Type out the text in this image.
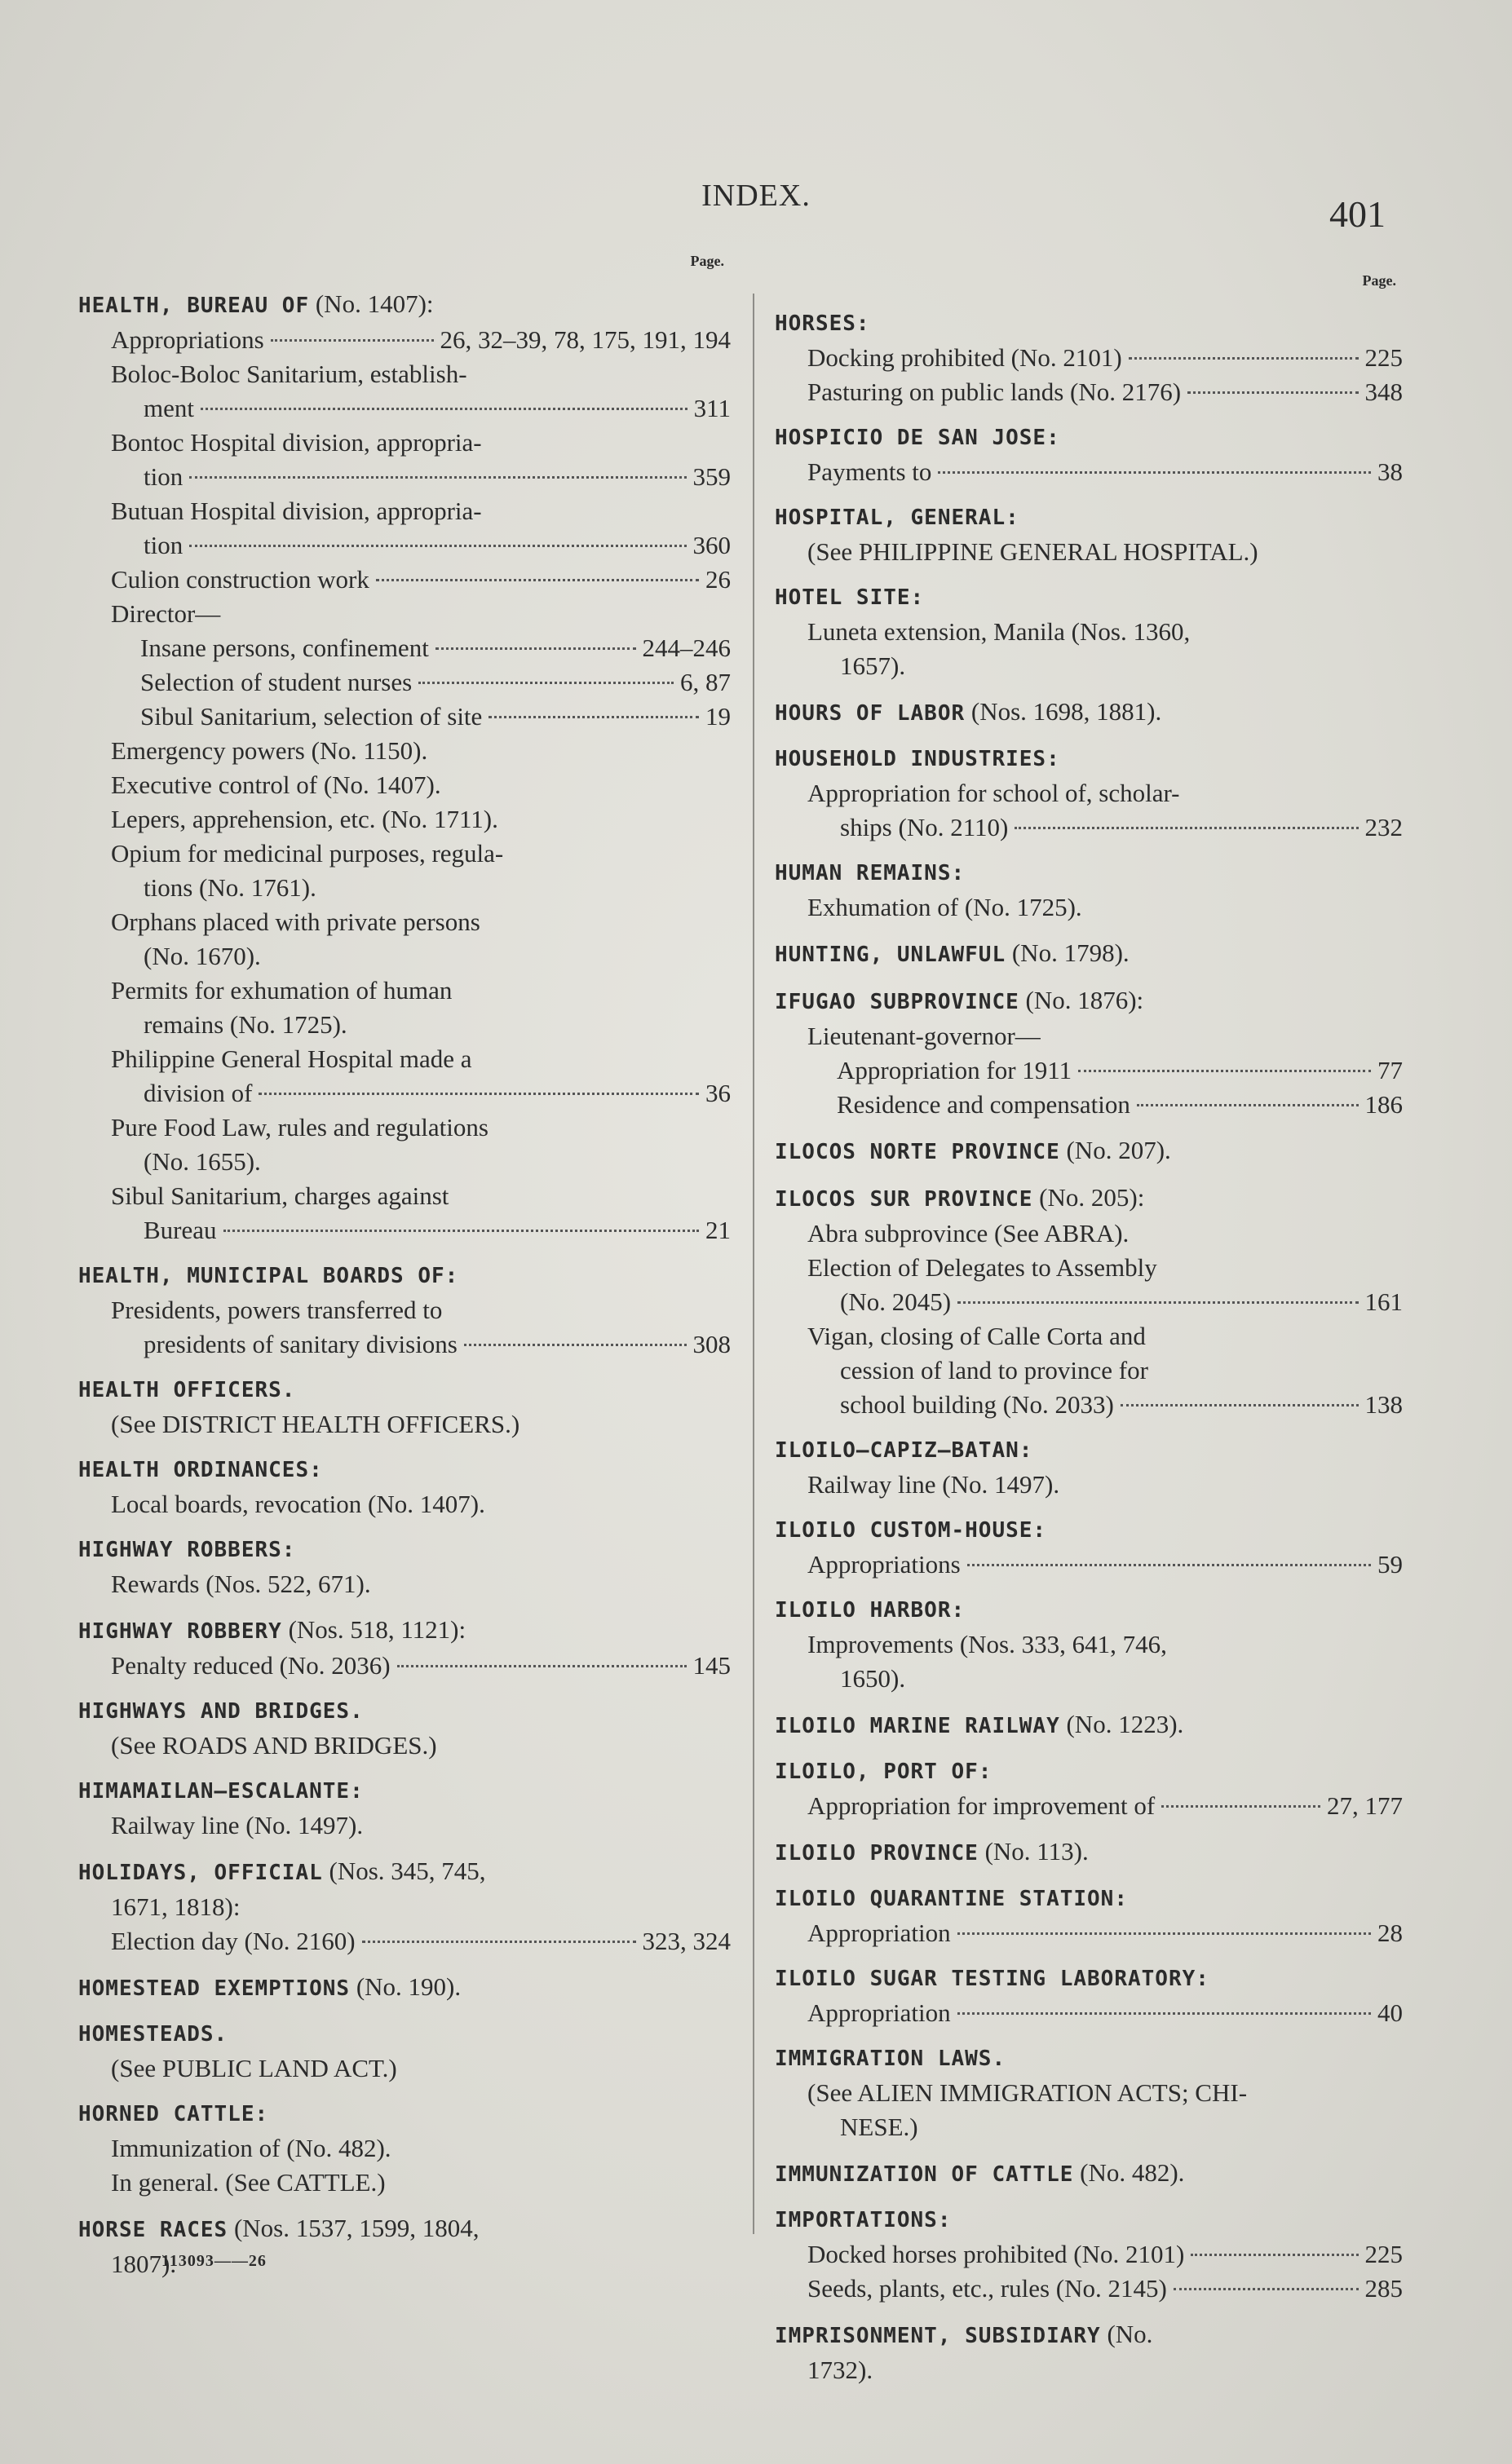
INDEX.	401
Page.
HEALTH, BUREAU OF (No. 1407):
Appropriations	26, 32–39, 78, 175, 191, 194
Boloc-Boloc Sanitarium, establish-
ment	311
Bontoc Hospital division, appropria-
tion	359
Butuan Hospital division, appropria-
tion	360
Culion construction work	26
Director—
Insane persons, confinement	244–246
Selection of student nurses	6, 87
Sibul Sanitarium, selection of site	19
Emergency powers (No. 1150).
Executive control of (No. 1407).
Lepers, apprehension, etc. (No. 1711).
Opium for medicinal purposes, regula-
tions (No. 1761).
Orphans placed with private persons
(No. 1670).
Permits for exhumation of human
remains (No. 1725).
Philippine General Hospital made a
division of	36
Pure Food Law, rules and regulations
(No. 1655).
Sibul Sanitarium, charges against
Bureau	21
HEALTH, MUNICIPAL BOARDS OF:
Presidents, powers transferred to
presidents of sanitary divisions	308
HEALTH OFFICERS.
(See DISTRICT HEALTH OFFICERS.)
HEALTH ORDINANCES:
Local boards, revocation (No. 1407).
HIGHWAY ROBBERS:
Rewards (Nos. 522, 671).
HIGHWAY ROBBERY (Nos. 518, 1121):
Penalty reduced (No. 2036)	145
HIGHWAYS AND BRIDGES.
(See ROADS AND BRIDGES.)
HIMAMAILAN–ESCALANTE:
Railway line (No. 1497).
HOLIDAYS, OFFICIAL (Nos. 345, 745,
1671, 1818):
Election day (No. 2160)	323, 324
HOMESTEAD EXEMPTIONS (No. 190).
HOMESTEADS.
(See PUBLIC LAND ACT.)
HORNED CATTLE:
Immunization of (No. 482).
In general. (See CATTLE.)
HORSE RACES (Nos. 1537, 1599, 1804,
1807).
Page.
HORSES:
Docking prohibited (No. 2101)	225
Pasturing on public lands (No. 2176)	348
HOSPICIO DE SAN JOSE:
Payments to	38
HOSPITAL, GENERAL:
(See PHILIPPINE GENERAL HOSPITAL.)
HOTEL SITE:
Luneta extension, Manila (Nos. 1360,
1657).
HOURS OF LABOR (Nos. 1698, 1881).
HOUSEHOLD INDUSTRIES:
Appropriation for school of, scholar-
ships (No. 2110)	232
HUMAN REMAINS:
Exhumation of (No. 1725).
HUNTING, UNLAWFUL (No. 1798).
IFUGAO SUBPROVINCE (No. 1876):
Lieutenant-governor—
Appropriation for 1911	77
Residence and compensation	186
ILOCOS NORTE PROVINCE (No. 207).
ILOCOS SUR PROVINCE (No. 205):
Abra subprovince (See ABRA).
Election of Delegates to Assembly
(No. 2045)	161
Vigan, closing of Calle Corta and
cession of land to province for
school building (No. 2033)	138
ILOILO–CAPIZ–BATAN:
Railway line (No. 1497).
ILOILO CUSTOM-HOUSE:
Appropriations	59
ILOILO HARBOR:
Improvements (Nos. 333, 641, 746,
1650).
ILOILO MARINE RAILWAY (No. 1223).
ILOILO, PORT OF:
Appropriation for improvement of	27, 177
ILOILO PROVINCE (No. 113).
ILOILO QUARANTINE STATION:
Appropriation	28
ILOILO SUGAR TESTING LABORATORY:
Appropriation	40
IMMIGRATION LAWS.
(See ALIEN IMMIGRATION ACTS; CHI-
NESE.)
IMMUNIZATION OF CATTLE (No. 482).
IMPORTATIONS:
Docked horses prohibited (No. 2101)	225
Seeds, plants, etc., rules (No. 2145)	285
IMPRISONMENT, SUBSIDIARY (No.
1732).
113093——26
